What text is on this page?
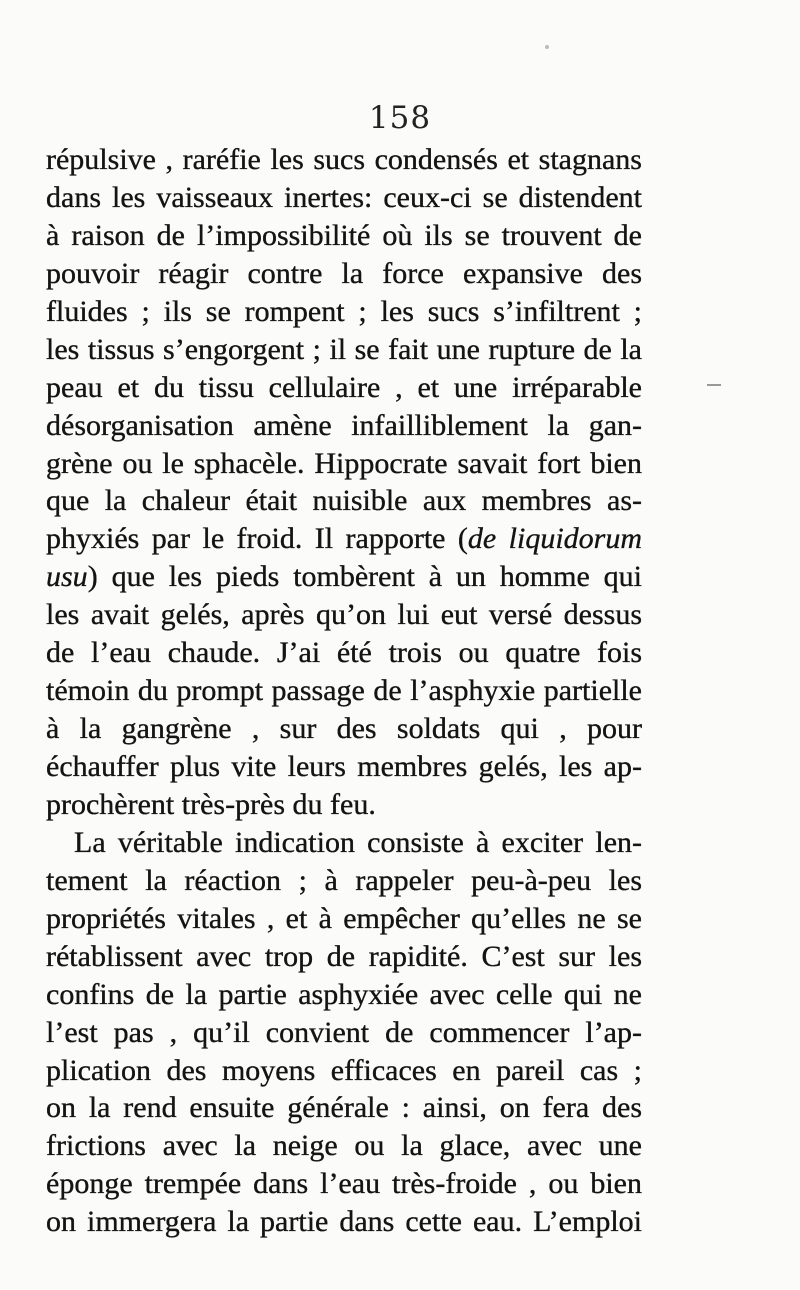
158
répulsive , raréfie les sucs condensés et stagnans
dans les vaisseaux inertes: ceux-ci se distendent
à raison de l’impossibilité où ils se trouvent de
pouvoir réagir contre la force expansive des
fluides ; ils se rompent ; les sucs s’infiltrent ;
les tissus s’engorgent ; il se fait une rupture de la
peau et du tissu cellulaire , et une irréparable
désorganisation amène infailliblement la gan-
grène ou le sphacèle. Hippocrate savait fort bien
que la chaleur était nuisible aux membres as-
phyxiés par le froid. Il rapporte (de liquidorum
usu) que les pieds tombèrent à un homme qui
les avait gelés, après qu’on lui eut versé dessus
de l’eau chaude. J’ai été trois ou quatre fois
témoin du prompt passage de l’asphyxie partielle
à la gangrène , sur des soldats qui , pour
échauffer plus vite leurs membres gelés, les ap-
prochèrent très-près du feu.
La véritable indication consiste à exciter len-
tement la réaction ; à rappeler peu-à-peu les
propriétés vitales , et à empêcher qu’elles ne se
rétablissent avec trop de rapidité. C’est sur les
confins de la partie asphyxiée avec celle qui ne
l’est pas , qu’il convient de commencer l’ap-
plication des moyens efficaces en pareil cas ;
on la rend ensuite générale : ainsi, on fera des
frictions avec la neige ou la glace, avec une
éponge trempée dans l’eau très-froide , ou bien
on immergera la partie dans cette eau. L’emploi
